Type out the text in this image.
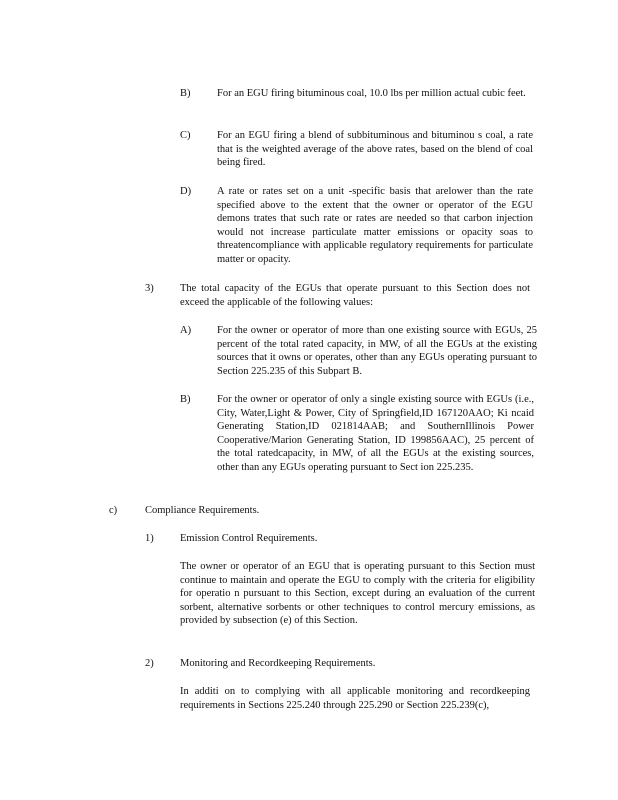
B)	For an EGU firing bituminous coal, 10.0 lbs per million actual cubic feet.
C)	For an EGU firing a blend of subbituminous and bituminou s coal, a rate that is the weighted average of the above rates, based on the blend of coal being fired.
D) A rate or rates set on a unit -specific basis that arelower than the rate specified above to the extent that the owner or operator of the EGU demons trates that such rate or rates are needed so that carbon injection would not increase particulate matter emissions or opacity soas to threatencompliance with applicable regulatory requirements for particulate matter or opacity.
3)	The total capacity of the EGUs that operate pursuant to this Section does not exceed the applicable of the following values:
A) For the owner or operator of more than one existing source with EGUs, 25 percent of the total rated capacity, in MW, of all the EGUs at the existing sources that it owns or operates, other than any EGUs operating pursuant to Section 225.235 of this Subpart B.
B)	For the owner or operator of only a single existing source with EGUs (i.e., City, Water,Light & Power, City of Springfield,ID 167120AAO; Ki ncaid Generating Station,ID 021814AAB; and SouthernIllinois Power Cooperative/Marion Generating Station, ID 199856AAC), 25 percent of the total ratedcapacity, in MW, of all the EGUs at the existing sources, other than any EGUs operating pursuant to Sect ion 225.235.
c)	Compliance Requirements.
1)	Emission Control Requirements.
The owner or operator of an EGU that is operating pursuant to this Section must continue to maintain and operate the EGU to comply with the criteria for eligibility for operatio n pursuant to this Section, except during an evaluation of the current sorbent, alternative sorbents or other techniques to control mercury emissions, as provided by subsection (e) of this Section.
2)	Monitoring and Recordkeeping Requirements.
In additi on to complying with all applicable monitoring and recordkeeping requirements in Sections 225.240 through 225.290 or Section 225.239(c),
